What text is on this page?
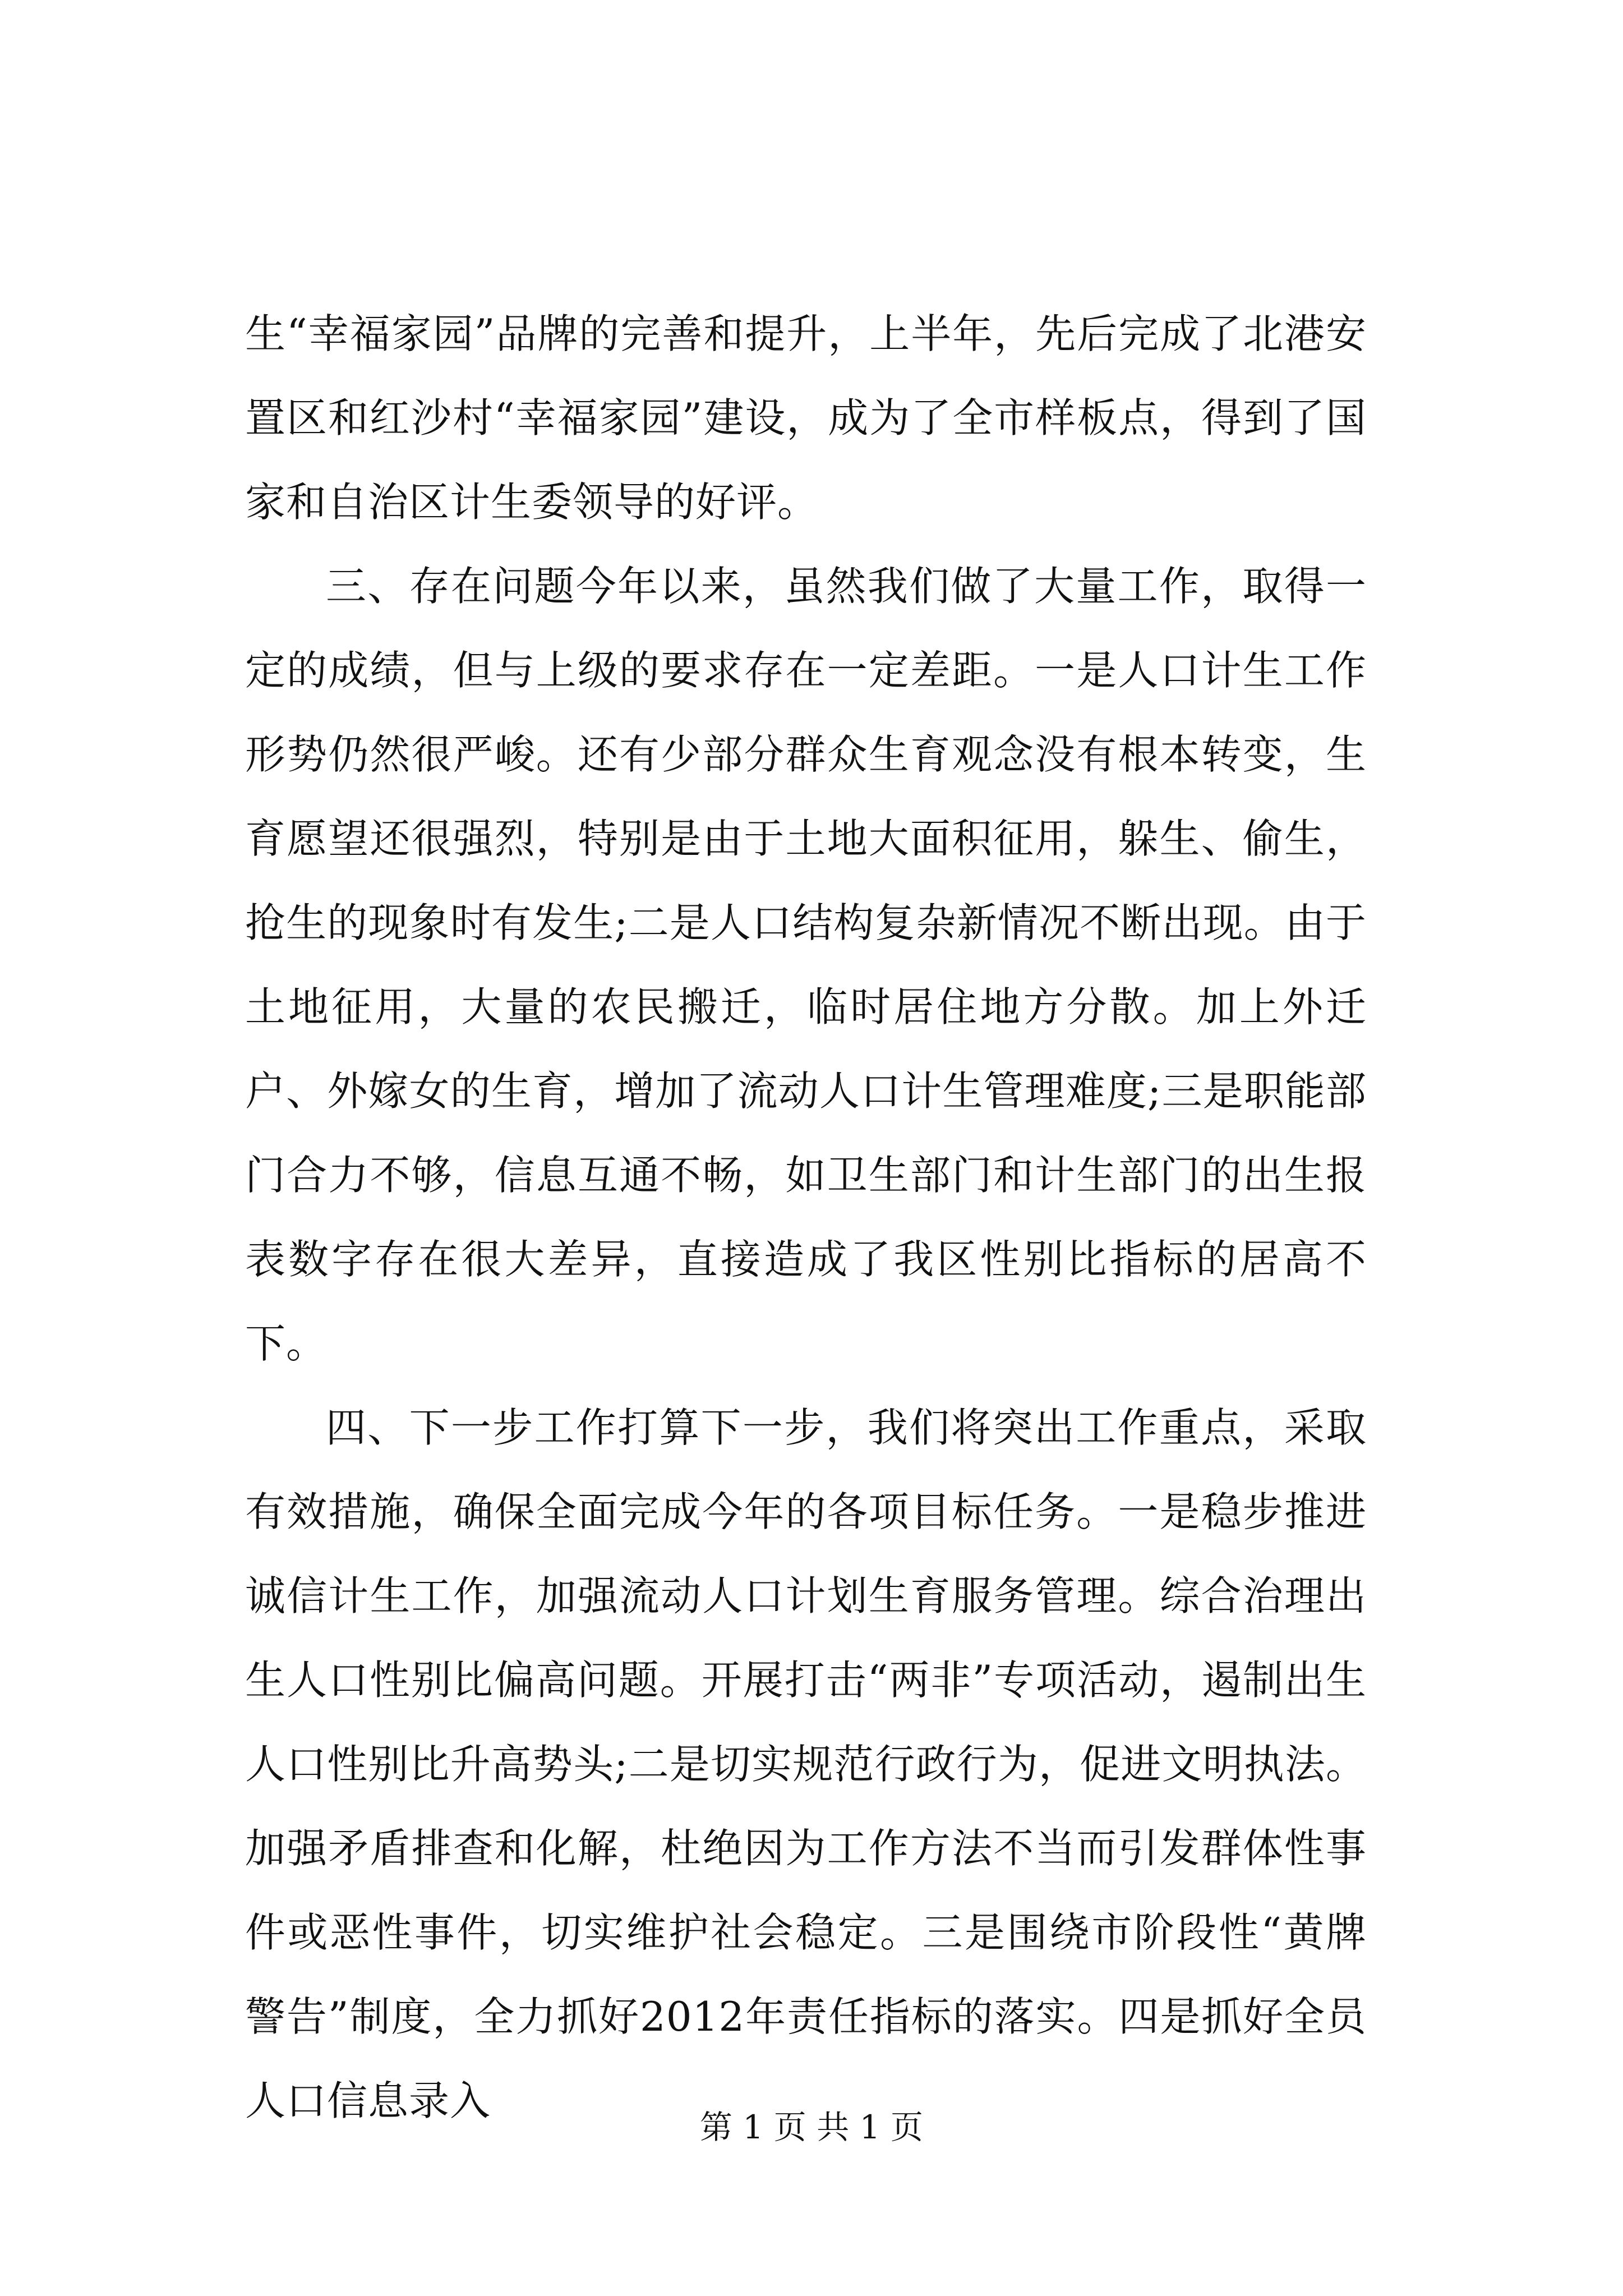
生“幸福家园”品牌的完善和提升，上半年，先后完成了北港安置区和红沙村“幸福家园”建设，成为了全市样板点，得到了国家和自治区计生委领导的好评。

三、存在问题今年以来，虽然我们做了大量工作，取得一定的成绩，但与上级的要求存在一定差距。一是人口计生工作形势仍然很严峻。还有少部分群众生育观念没有根本转变，生育愿望还很强烈，特别是由于土地大面积征用，躲生、偷生，抢生的现象时有发生;二是人口结构复杂新情况不断出现。由于土地征用，大量的农民搬迁，临时居住地方分散。加上外迁户、外嫁女的生育，增加了流动人口计生管理难度;三是职能部门合力不够，信息互通不畅，如卫生部门和计生部门的出生报表数字存在很大差异，直接造成了我区性别比指标的居高不下。

四、下一步工作打算下一步，我们将突出工作重点，采取有效措施，确保全面完成今年的各项目标任务。一是稳步推进诚信计生工作，加强流动人口计划生育服务管理。综合治理出生人口性别比偏高问题。开展打击“两非”专项活动，遏制出生人口性别比升高势头;二是切实规范行政行为，促进文明执法。加强矛盾排查和化解，杜绝因为工作方法不当而引发群体性事件或恶性事件，切实维护社会稳定。三是围绕市阶段性“黄牌警告”制度，全力抓好2012年责任指标的落实。四是抓好全员人口信息录入

第 1 页 共 1 页
